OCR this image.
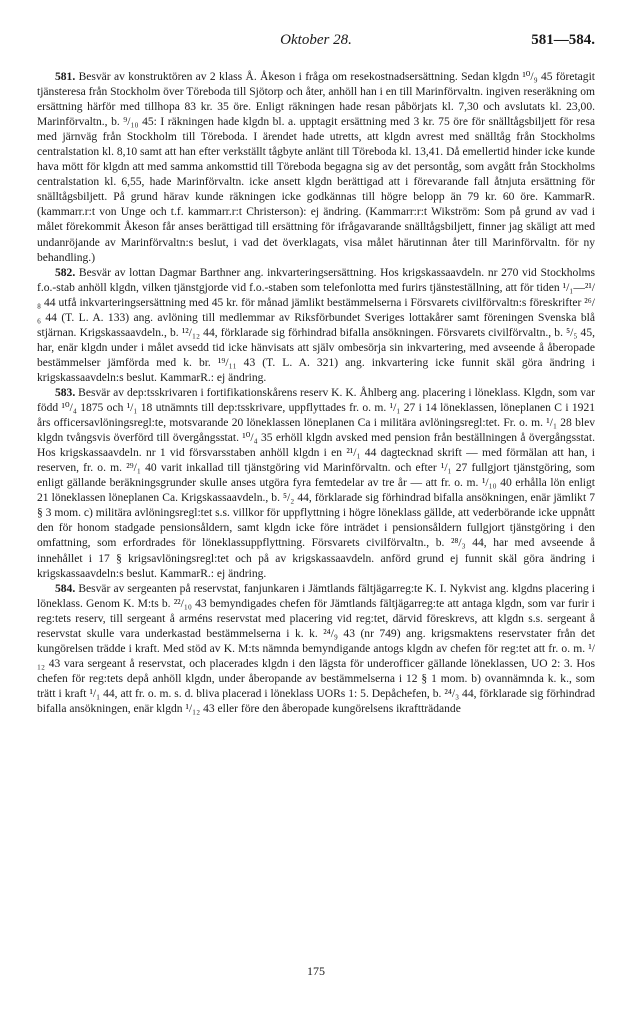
Oktober 28.	581—584.

581. Besvär av konstruktören av 2 klass Å. Åkeson i fråga om resekostnadsersättning. Sedan klgdn ¹⁰/₉ 45 företagit tjänsteresa från Stockholm över Töreboda till Sjötorp och åter, anhöll han i en till Marinförvaltn. ingiven reseräkning om ersättning härför med tillhopa 83 kr. 35 öre. Enligt räkningen hade resan påbörjats kl. 7,30 och avslutats kl. 23,00. Marinförvaltn., b. ⁹/₁₀ 45: I räkningen hade klgdn bl. a. upptagit ersättning med 3 kr. 75 öre för snälltågsbiljett för resa med järnväg från Stockholm till Töreboda. I ärendet hade utretts, att klgdn avrest med snälltåg från Stockholms centralstation kl. 8,10 samt att han efter verkställt tågbyte anlänt till Töreboda kl. 13,41. Då emellertid hinder icke kunde hava mött för klgdn att med samma ankomsttid till Töreboda begagna sig av det persontåg, som avgått från Stockholms centralstation kl. 6,55, hade Marinförvaltn. icke ansett klgdn berättigad att i förevarande fall åtnjuta ersättning för snälltågsbiljett. På grund härav kunde räkningen icke godkännas till högre belopp än 79 kr. 60 öre. KammarR. (kammarr.r:t von Unge och t.f. kammarr.r:t Christerson): ej ändring. (Kammarr:r:t Wikström: Som på grund av vad i målet förekommit Åkeson får anses berättigad till ersättning för ifrågavarande snälltågsbiljett, finner jag skäligt att med undanröjande av Marinförvaltn:s beslut, i vad det överklagats, visa målet härutinnan åter till Marinförvaltn. för ny behandling.)

582. Besvär av lottan Dagmar Barthner ang. inkvarteringsersättning. Hos krigskassaavdeln. nr 270 vid Stockholms f.o.-stab anhöll klgdn, vilken tjänstgjorde vid f.o.-staben som telefonlotta med furirs tjänsteställning, att för tiden ¹/₁—²¹/₈ 44 utfå inkvarteringsersättning med 45 kr. för månad jämlikt bestämmelserna i Försvarets civilförvaltn:s föreskrifter ²⁶/₆ 44 (T. L. A. 133) ang. avlöning till medlemmar av Riksförbundet Sveriges lottakårer samt föreningen Svenska blå stjärnan. Krigskassaavdeln., b. ¹²/₁₂ 44, förklarade sig förhindrad bifalla ansökningen. Försvarets civilförvaltn., b. ⁵/₅ 45, har, enär klgdn under i målet avsedd tid icke hänvisats att själv ombesörja sin inkvartering, med avseende å åberopade bestämmelser jämförda med k. br. ¹⁹/₁₁ 43 (T. L. A. 321) ang. inkvartering icke funnit skäl göra ändring i krigskassaavdeln:s beslut. KammarR.: ej ändring.

583. Besvär av dep:tsskrivaren i fortifikationskårens reserv K. K. Åhlberg ang. placering i löneklass. Klgdn, som var född ¹⁰/₄ 1875 och ¹/₁ 18 utnämnts till dep:tsskrivare, uppflyttades fr. o. m. ¹/₁ 27 i 14 löneklassen, löneplanen C i 1921 års officersavlöningsregl:te, motsvarande 20 löneklassen löneplanen Ca i militära avlöningsregl:tet. Fr. o. m. ¹/₁ 28 blev klgdn tvångsvis överförd till övergångsstat. ¹⁰/₄ 35 erhöll klgdn avsked med pension från beställningen å övergångsstat. Hos krigskassaavdeln. nr 1 vid försvarsstaben anhöll klgdn i en ²¹/₁ 44 dagtecknad skrift — med förmälan att han, i reserven, fr. o. m. ²⁹/₁ 40 varit inkallad till tjänstgöring vid Marinförvaltn. och efter ¹/₁ 27 fullgjort tjänstgöring, som enligt gällande beräkningsgrunder skulle anses utgöra fyra femtedelar av tre år — att fr. o. m. ¹/₁₀ 40 erhålla lön enligt 21 löneklassen löneplanen Ca. Krigskassaavdeln., b. ⁵/₂ 44, förklarade sig förhindrad bifalla ansökningen, enär jämlikt 7 § 3 mom. c) militära avlöningsregl:tet s.s. villkor för uppflyttning i högre löneklass gällde, att vederbörande icke uppnått den för honom stadgade pensionsåldern, samt klgdn icke före inträdet i pensionsåldern fullgjort tjänstgöring i den omfattning, som erfordrades för löneklassuppflyttning. Försvarets civilförvaltn., b. ²⁸/₃ 44, har med avseende å innehållet i 17 § krigsavlöningsregl:tet och på av krigskassaavdeln. anförd grund ej funnit skäl göra ändring i krigskassaavdeln:s beslut. KammarR.: ej ändring.

584. Besvär av sergeanten på reservstat, fanjunkaren i Jämtlands fältjägarreg:te K. I. Nykvist ang. klgdns placering i löneklass. Genom K. M:ts b. ²²/₁₀ 43 bemyndigades chefen för Jämtlands fältjägarreg:te att antaga klgdn, som var furir i reg:tets reserv, till sergeant å arméns reservstat med placering vid reg:tet, därvid föreskrevs, att klgdn s.s. sergeant å reservstat skulle vara underkastad bestämmelserna i k. k. ²⁴/₉ 43 (nr 749) ang. krigsmaktens reservstater från det kungörelsen trädde i kraft. Med stöd av K. M:ts nämnda bemyndigande antogs klgdn av chefen för reg:tet att fr. o. m. ¹/₁₂ 43 vara sergeant å reservstat, och placerades klgdn i den lägsta för underofficer gällande löneklassen, UO 2: 3. Hos chefen för reg:tets depå anhöll klgdn, under åberopande av bestämmelserna i 12 § 1 mom. b) ovannämnda k. k., som trätt i kraft ¹/₁ 44, att fr. o. m. s. d. bliva placerad i löneklass UORs 1: 5. Depåchefen, b. ²⁴/₃ 44, förklarade sig förhindrad bifalla ansökningen, enär klgdn ¹/₁₂ 43 eller före den åberopade kungörelsens ikraftträdande

175
